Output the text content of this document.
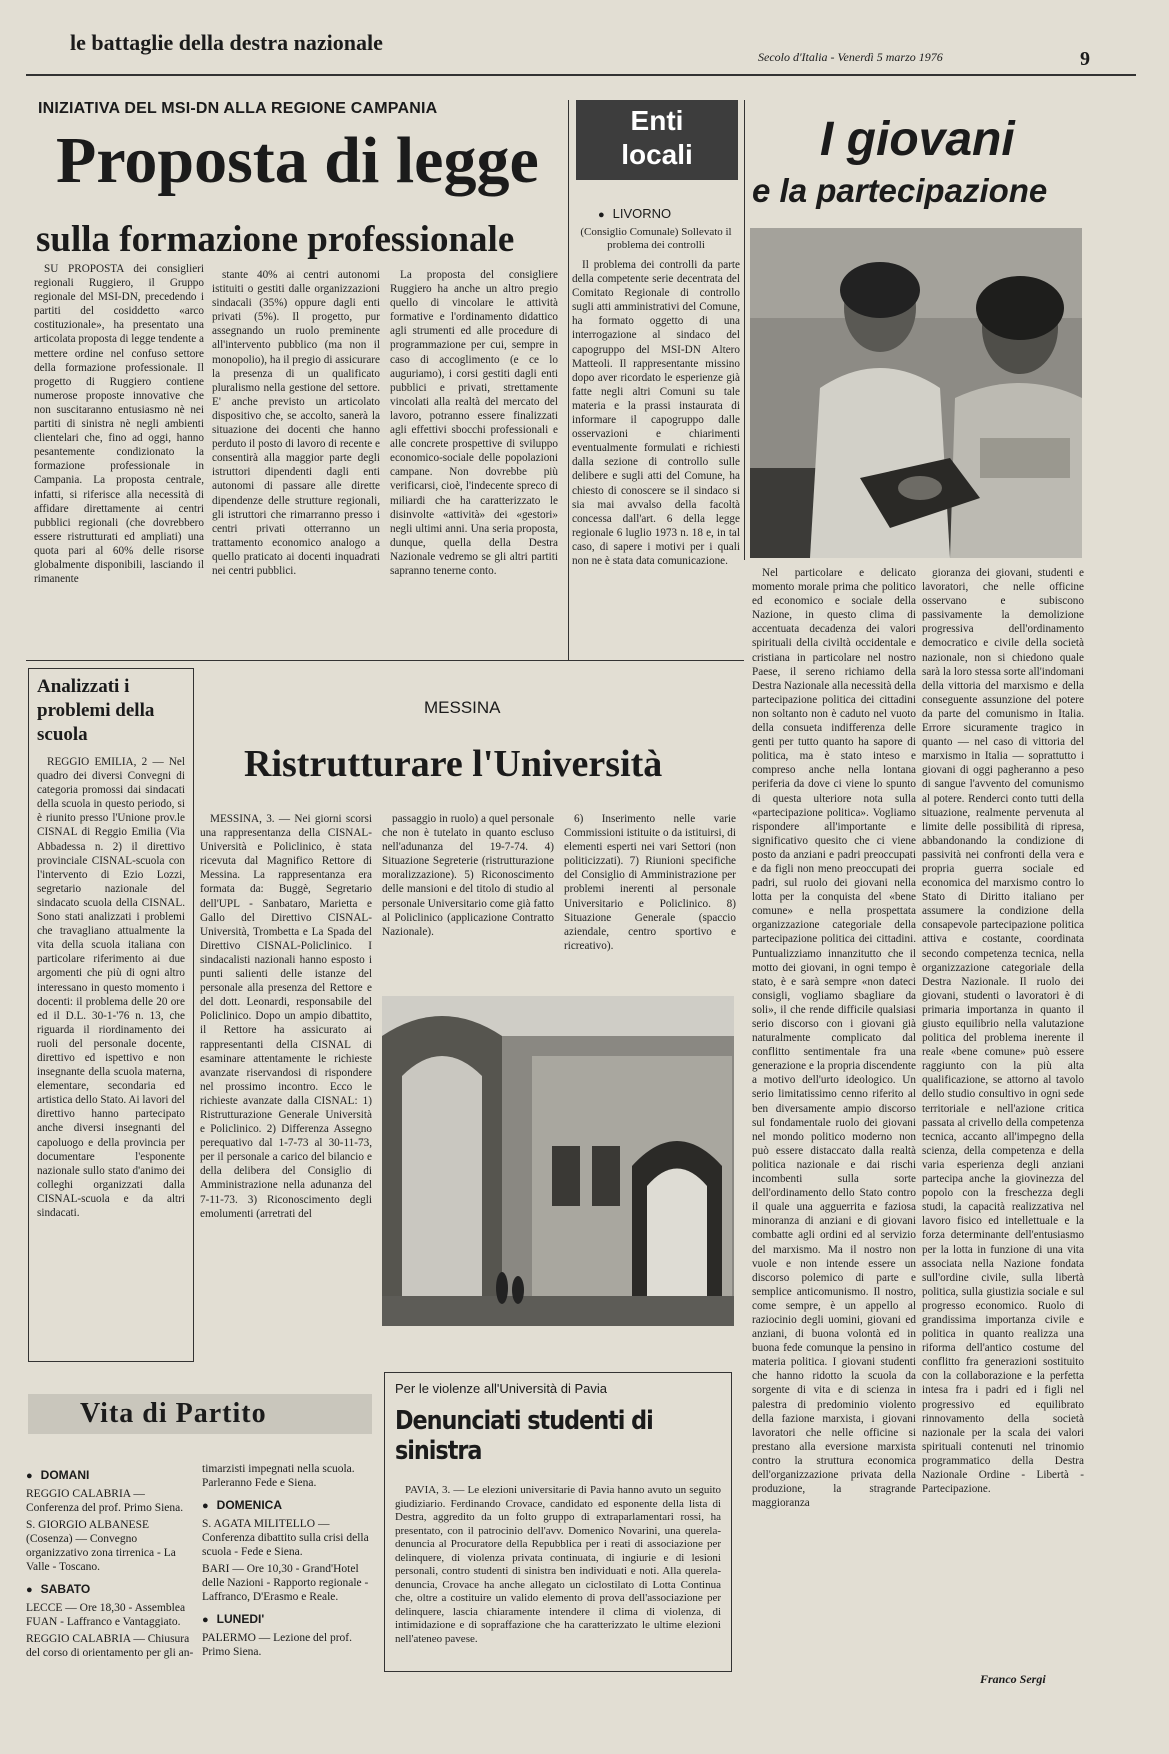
le battaglie della destra nazionale
Secolo d'Italia - Venerdì 5 marzo 1976	9
INIZIATIVA DEL MSI-DN ALLA REGIONE CAMPANIA
Proposta di legge
sulla formazione professionale

SU PROPOSTA dei consiglieri regionali Ruggiero, il Gruppo regionale del MSI-DN, precedendo i partiti del cosiddetto «arco costituzionale», ha presentato una articolata proposta di legge tendente a mettere ordine nel confuso settore della formazione professionale. Il progetto di Ruggiero contiene numerose proposte innovative che non suscitaranno entusiasmo nè nei partiti di sinistra nè negli ambienti clientelari che, fino ad oggi, hanno pesantemente condizionato la formazione professionale in Campania. La proposta centrale, infatti, si riferisce alla necessità di affidare direttamente ai centri pubblici regionali (che dovrebbero essere ristrutturati ed ampliati) una quota pari al 60% delle risorse globalmente disponibili, lasciando il rimanente

stante 40% ai centri autonomi istituiti o gestiti dalle organizzazioni sindacali (35%) oppure dagli enti privati (5%). Il progetto, pur assegnando un ruolo preminente all'intervento pubblico (ma non il monopolio), ha il pregio di assicurare la presenza di un qualificato pluralismo nella gestione del settore. E' anche previsto un articolato dispositivo che, se accolto, sanerà la situazione dei docenti che hanno perduto il posto di lavoro di recente e consentirà alla maggior parte degli istruttori dipendenti dagli enti autonomi di passare alle dirette dipendenze delle strutture regionali, gli istruttori che rimarranno presso i centri privati otterranno un trattamento economico analogo a quello praticato ai docenti inquadrati nei centri pubblici.

La proposta del consigliere Ruggiero ha anche un altro pregio quello di vincolare le attività formative e l'ordinamento didattico agli strumenti ed alle procedure di programmazione per cui, sempre in caso di accoglimento (e ce lo auguriamo), i corsi gestiti dagli enti pubblici e privati, strettamente vincolati alla realtà del mercato del lavoro, potranno essere finalizzati agli effettivi sbocchi professionali e alle concrete prospettive di sviluppo economico-sociale delle popolazioni campane. Non dovrebbe più verificarsi, cioè, l'indecente spreco di miliardi che ha caratterizzato le disinvolte «attività» dei «gestori» negli ultimi anni. Una seria proposta, dunque, quella della Destra Nazionale vedremo se gli altri partiti sapranno tenerne conto.

Enti
locali
● LIVORNO
(Consiglio Comunale) Sollevato il problema dei controlli

Il problema dei controlli da parte della competente serie decentrata del Comitato Regionale di controllo sugli atti amministrativi del Comune, ha formato oggetto di una interrogazione al sindaco del capogruppo del MSI-DN Altero Matteoli. Il rappresentante missino dopo aver ricordato le esperienze già fatte negli altri Comuni su tale materia e la prassi instaurata di informare il capogruppo dalle osservazioni e chiarimenti eventualmente formulati e richiesti dalla sezione di controllo sulle delibere e sugli atti del Comune, ha chiesto di conoscere se il sindaco si sia mai avvalso della facoltà concessa dall'art. 6 della legge regionale 6 luglio 1973 n. 18 e, in tal caso, di sapere i motivi per i quali non ne è stata data comunicazione.

I giovani
e la partecipazione

Nel particolare e delicato momento morale prima che politico ed economico e sociale della Nazione, in questo clima di accentuata decadenza dei valori spirituali della civiltà occidentale e cristiana in particolare nel nostro Paese, il sereno richiamo della Destra Nazionale alla necessità della partecipazione politica dei cittadini non soltanto non è caduto nel vuoto della consueta indifferenza delle genti per tutto quanto ha sapore di politica, ma è stato inteso e compreso anche nella lontana periferia da dove ci viene lo spunto di questa ulteriore nota sulla «partecipazione politica». Vogliamo rispondere all'importante e significativo quesito che ci viene posto da anziani e padri preoccupati e da figli non meno preoccupati dei padri, sul ruolo dei giovani nella lotta per la conquista del «bene comune» e nella prospettata organizzazione categoriale della partecipazione politica dei cittadini. Puntualizziamo innanzitutto che il motto dei giovani, in ogni tempo è stato, è e sarà sempre «non dateci consigli, vogliamo sbagliare da soli», il che rende difficile qualsiasi serio discorso con i giovani già naturalmente complicato dal conflitto sentimentale fra una generazione e la propria discendente a motivo dell'urto ideologico. Un serio limitatissimo cenno riferito al ben diversamente ampio discorso sul fondamentale ruolo dei giovani nel mondo politico moderno non può essere distaccato dalla realtà politica nazionale e dai rischi incombenti sulla sorte dell'ordinamento dello Stato contro il quale una agguerrita e faziosa minoranza di anziani e di giovani combatte agli ordini ed al servizio del marxismo. Ma il nostro non vuole e non intende essere un discorso polemico di parte e semplice anticomunismo. Il nostro, come sempre, è un appello al raziocinio degli uomini, giovani ed anziani, di buona volontà ed in buona fede comunque la pensino in materia politica. I giovani studenti che hanno ridotto la scuola da sorgente di vita e di scienza in palestra di predominio violento della fazione marxista, i giovani lavoratori che nelle officine si prestano alla eversione marxista contro la struttura economica dell'organizzazione privata della produzione, la stragrande maggioranza

gioranza dei giovani, studenti e lavoratori, che nelle officine osservano e subiscono passivamente la demolizione progressiva dell'ordinamento democratico e civile della società nazionale, non si chiedono quale sarà la loro stessa sorte all'indomani della vittoria del marxismo e della conseguente assunzione del potere da parte del comunismo in Italia. Errore sicuramente tragico in quanto — nel caso di vittoria del marxismo in Italia — soprattutto i giovani di oggi pagheranno a peso di sangue l'avvento del comunismo al potere. Renderci conto tutti della situazione, realmente pervenuta al limite delle possibilità di ripresa, abbandonando la condizione di passività nei confronti della vera e propria guerra sociale ed economica del marxismo contro lo Stato di Diritto italiano per assumere la condizione della consapevole partecipazione politica attiva e costante, coordinata secondo competenza tecnica, nella organizzazione categoriale della Destra Nazionale. Il ruolo dei giovani, studenti o lavoratori è di primaria importanza in quanto il giusto equilibrio nella valutazione politica del problema inerente il reale «bene comune» può essere raggiunto con la più alta qualificazione, se attorno al tavolo dello studio consultivo in ogni sede territoriale e nell'azione critica passata al crivello della competenza tecnica, accanto all'impegno della scienza, della competenza e della varia esperienza degli anziani partecipa anche la giovinezza del popolo con la freschezza degli studi, la capacità realizzativa nel lavoro fisico ed intellettuale e la forza determinante dell'entusiasmo per la lotta in funzione di una vita associata nella Nazione fondata sull'ordine civile, sulla libertà politica, sulla giustizia sociale e sul progresso economico. Ruolo di grandissima importanza civile e politica in quanto realizza una riforma dell'antico costume del conflitto fra generazioni sostituito con la collaborazione e la perfetta intesa fra i padri ed i figli nel progressivo ed equilibrato rinnovamento della società nazionale per la scala dei valori spirituali contenuti nel trinomio programmatico della Destra Nazionale Ordine - Libertà - Partecipazione.

Franco Sergi
Analizzati i problemi della scuola

REGGIO EMILIA, 2 — Nel quadro dei diversi Convegni di categoria promossi dai sindacati della scuola in questo periodo, si è riunito presso l'Unione prov.le CISNAL di Reggio Emilia (Via Abbadessa n. 2) il direttivo provinciale CISNAL-scuola con l'intervento di Ezio Lozzi, segretario nazionale del sindacato scuola della CISNAL. Sono stati analizzati i problemi che travagliano attualmente la vita della scuola italiana con particolare riferimento ai due argomenti che più di ogni altro interessano in questo momento i docenti: il problema delle 20 ore ed il D.L. 30-1-'76 n. 13, che riguarda il riordinamento dei ruoli del personale docente, direttivo ed ispettivo e non insegnante della scuola materna, elementare, secondaria ed artistica dello Stato. Ai lavori del direttivo hanno partecipato anche diversi insegnanti del capoluogo e della provincia per documentare l'esponente nazionale sullo stato d'animo dei colleghi organizzati dalla CISNAL-scuola e da altri sindacati.

MESSINA
Ristrutturare l'Università

MESSINA, 3. — Nei giorni scorsi una rappresentanza della CISNAL-Università e Policlinico, è stata ricevuta dal Magnifico Rettore di Messina. La rappresentanza era formata da: Buggè, Segretario dell'UPL - Sanbataro, Marietta e Gallo del Direttivo CISNAL-Università, Trombetta e La Spada del Direttivo CISNAL-Policlinico. I sindacalisti nazionali hanno esposto i punti salienti delle istanze del personale alla presenza del Rettore e del dott. Leonardi, responsabile del Policlinico. Dopo un ampio dibattito, il Rettore ha assicurato ai rappresentanti della CISNAL di esaminare attentamente le richieste avanzate riservandosi di rispondere nel prossimo incontro. Ecco le richieste avanzate dalla CISNAL: 1) Ristrutturazione Generale Università e Policlinico. 2) Differenza Assegno perequativo dal 1-7-73 al 30-11-73, per il personale a carico del bilancio e della delibera del Consiglio di Amministrazione nella adunanza del 7-11-73. 3) Riconoscimento degli emolumenti (arretrati del

passaggio in ruolo) a quel personale che non è tutelato in quanto escluso nell'adunanza del 19-7-74. 4) Situazione Segreterie (ristrutturazione moralizzazione). 5) Riconoscimento delle mansioni e del titolo di studio al personale Universitario come già fatto al Policlinico (applicazione Contratto Nazionale).

6) Inserimento nelle varie Commissioni istituite o da istituirsi, di elementi esperti nei vari Settori (non politicizzati). 7) Riunioni specifiche del Consiglio di Amministrazione per problemi inerenti al personale Universitario e Policlinico. 8) Situazione Generale (spaccio aziendale, centro sportivo e ricreativo).

Per le violenze all'Università di Pavia
Denunciati studenti di sinistra

PAVIA, 3. — Le elezioni universitarie di Pavia hanno avuto un seguito giudiziario. Ferdinando Crovace, candidato ed esponente della lista di Destra, aggredito da un folto gruppo di extraparlamentari rossi, ha presentato, con il patrocinio dell'avv. Domenico Novarini, una querela-denuncia al Procuratore della Repubblica per i reati di associazione per delinquere, di violenza privata continuata, di ingiurie e di lesioni personali, contro studenti di sinistra ben individuati e noti. Alla querela-denuncia, Crovace ha anche allegato un ciclostilato di Lotta Continua che, oltre a costituire un valido elemento di prova dell'associazione per delinquere, lascia chiaramente intendere il clima di violenza, di intimidazione e di sopraffazione che ha caratterizzato le ultime elezioni nell'ateneo pavese.

Vita di Partito
● DOMANI
REGGIO CALABRIA — Conferenza del prof. Primo Siena.
S. GIORGIO ALBANESE (Cosenza) — Convegno organizzativo zona tirrenica - La Valle - Toscano.
● SABATO
LECCE — Ore 18,30 - Assemblea FUAN - Laffranco e Vantaggiato.
REGGIO CALABRIA — Chiusura del corso di orientamento per gli an-
timarzisti impegnati nella scuola. Parleranno Fede e Siena.
● DOMENICA
S. AGATA MILITELLO — Conferenza dibattito sulla crisi della scuola - Fede e Siena.
BARI — Ore 10,30 - Grand'Hotel delle Nazioni - Rapporto regionale - Laffranco, D'Erasmo e Reale.
● LUNEDI'
PALERMO — Lezione del prof. Primo Siena.
